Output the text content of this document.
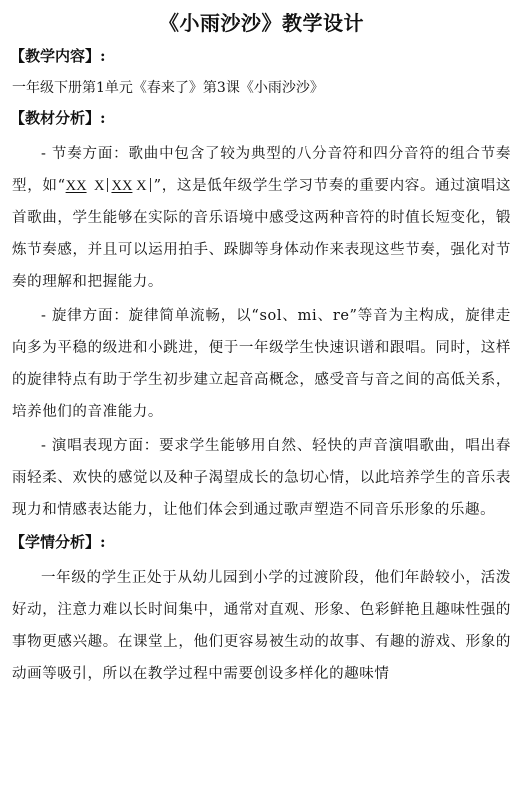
《小雨沙沙》教学设计
【教学内容】:
一年级下册第1单元《春来了》第3课《小雨沙沙》
【教材分析】:

- 节奏方面：歌曲中包含了较为典型的八分音符和四分音符的组合节奏型，如“XX X XX X ”，这是低年级学生学习节奏的重要内容。通过演唱这首歌曲，学生能够在实际的音乐语境中感受这两种音符的时值长短变化，锻炼节奏感，并且可以运用拍手、跺脚等身体动作来表现这些节奏，强化对节奏的理解和把握能力。

- 旋律方面：旋律简单流畅，以“sol、mi、re”等音为主构成，旋律走向多为平稳的级进和小跳进，便于一年级学生快速识谱和跟唱。同时，这样的旋律特点有助于学生初步建立起音高概念，感受音与音之间的高低关系，培养他们的音准能力。

- 演唱表现方面：要求学生能够用自然、轻快的声音演唱歌曲，唱出春雨轻柔、欢快的感觉以及种子渴望成长的急切心情，以此培养学生的音乐表现力和情感表达能力，让他们体会到通过歌声塑造不同音乐形象的乐趣。

【学情分析】:

一年级的学生正处于从幼儿园到小学的过渡阶段，他们年龄较小，活泼好动，注意力难以长时间集中，通常对直观、形象、色彩鲜艳且趣味性强的事物更感兴趣。在课堂上，他们更容易被生动的故事、有趣的游戏、形象的动画等吸引，所以在教学过程中需要创设多样化的趣味情
